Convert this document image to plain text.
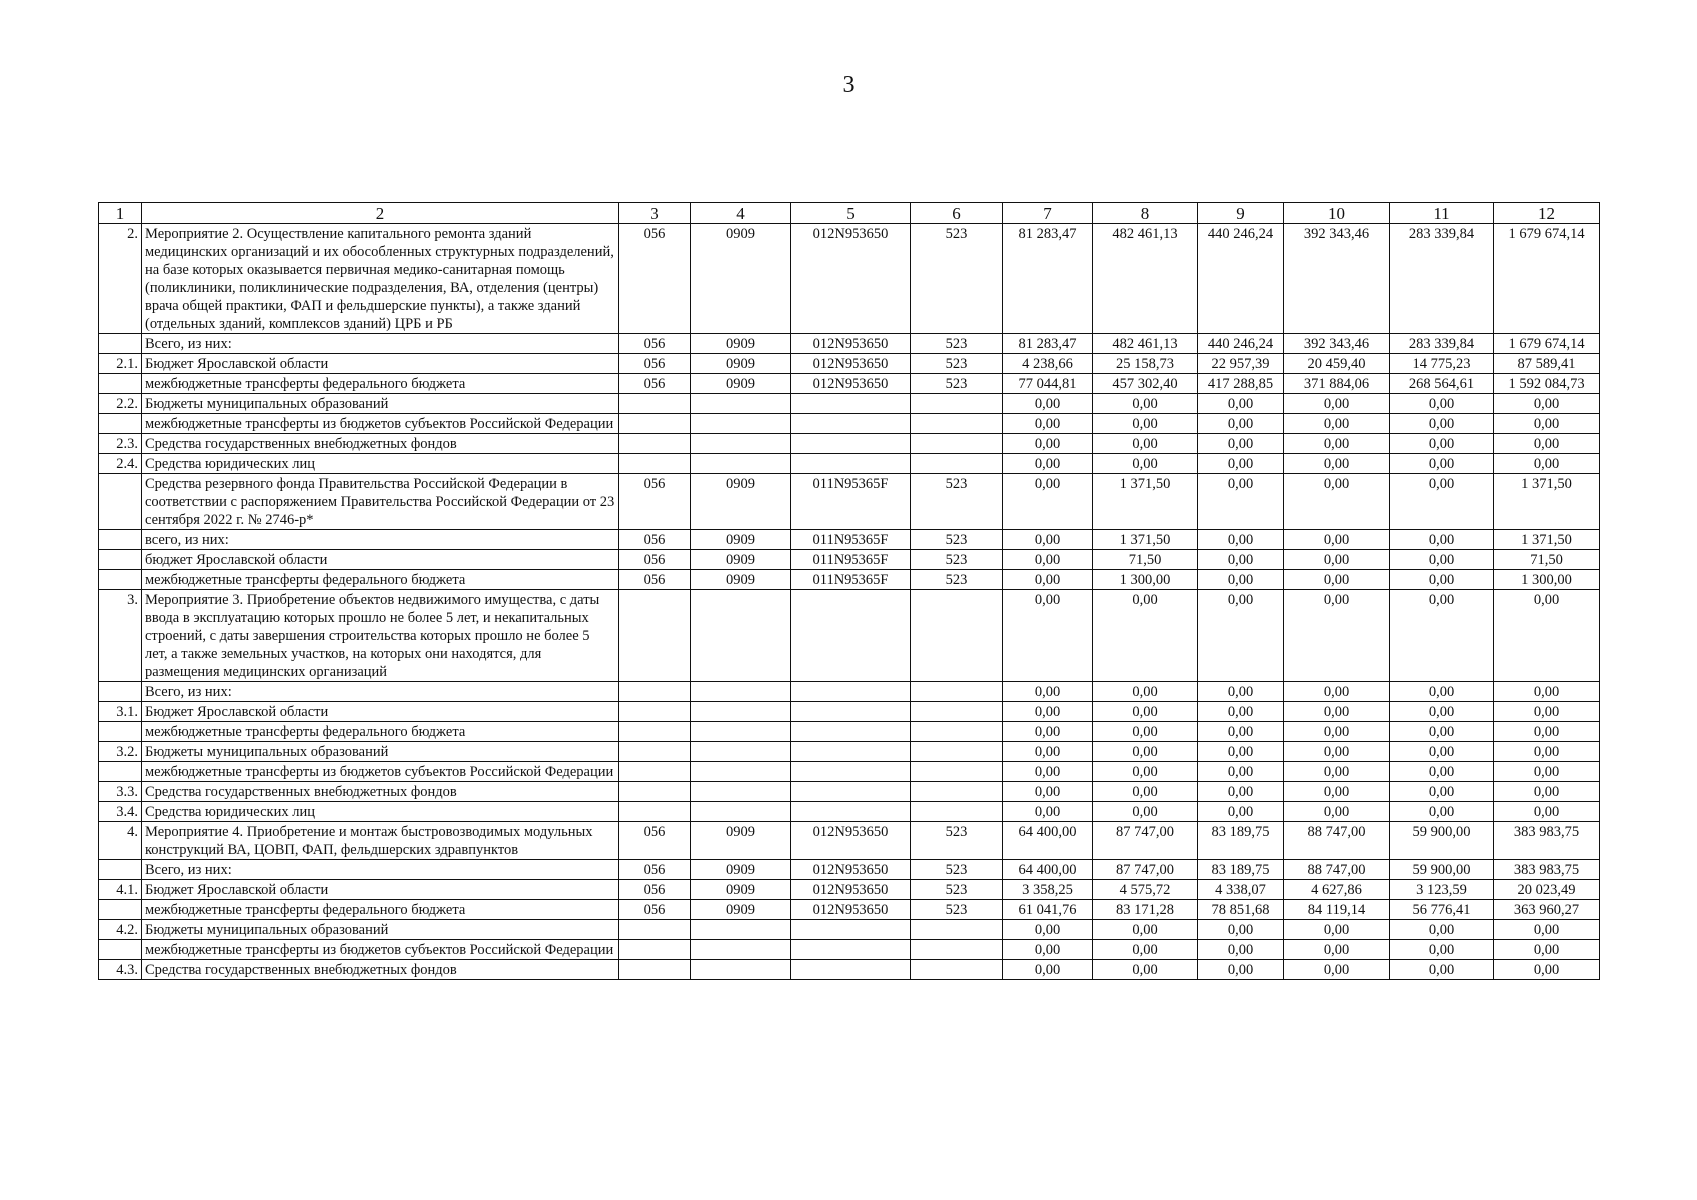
3
1	2	3	4	5	6	7	8	9	10	11	12
2.	Мероприятие 2. Осуществление капитального ремонта зданий медицинских организаций и их обособленных структурных подразделений, на базе которых оказывается первичная медико-санитарная помощь (поликлиники, поликлинические подразделения, ВА, отделения (центры) врача общей практики, ФАП и фельдшерские пункты), а также зданий (отдельных зданий, комплексов зданий) ЦРБ и РБ	056	0909	012N953650	523	81 283,47	482 461,13	440 246,24	392 343,46	283 339,84	1 679 674,14
	Всего, из них:	056	0909	012N953650	523	81 283,47	482 461,13	440 246,24	392 343,46	283 339,84	1 679 674,14
2.1.	Бюджет Ярославской области	056	0909	012N953650	523	4 238,66	25 158,73	22 957,39	20 459,40	14 775,23	87 589,41
	межбюджетные трансферты федерального бюджета	056	0909	012N953650	523	77 044,81	457 302,40	417 288,85	371 884,06	268 564,61	1 592 084,73
2.2.	Бюджеты муниципальных образований					0,00	0,00	0,00	0,00	0,00	0,00
	межбюджетные трансферты из бюджетов субъектов Российской Федерации					0,00	0,00	0,00	0,00	0,00	0,00
2.3.	Средства государственных внебюджетных фондов					0,00	0,00	0,00	0,00	0,00	0,00
2.4.	Средства юридических лиц					0,00	0,00	0,00	0,00	0,00	0,00
	Средства резервного фонда Правительства Российской Федерации в соответствии с распоряжением Правительства Российской Федерации от 23 сентября 2022 г. № 2746-р*	056	0909	011N95365F	523	0,00	1 371,50	0,00	0,00	0,00	1 371,50
	всего, из них:	056	0909	011N95365F	523	0,00	1 371,50	0,00	0,00	0,00	1 371,50
	бюджет Ярославской области	056	0909	011N95365F	523	0,00	71,50	0,00	0,00	0,00	71,50
	межбюджетные трансферты федерального бюджета	056	0909	011N95365F	523	0,00	1 300,00	0,00	0,00	0,00	1 300,00
3.	Мероприятие 3. Приобретение объектов недвижимого имущества, с даты ввода в эксплуатацию которых прошло не более 5 лет, и некапитальных строений, с даты завершения строительства которых прошло не более 5 лет, а также земельных участков, на которых они находятся, для размещения медицинских организаций					0,00	0,00	0,00	0,00	0,00	0,00
	Всего, из них:					0,00	0,00	0,00	0,00	0,00	0,00
3.1.	Бюджет Ярославской области					0,00	0,00	0,00	0,00	0,00	0,00
	межбюджетные трансферты федерального бюджета					0,00	0,00	0,00	0,00	0,00	0,00
3.2.	Бюджеты муниципальных образований					0,00	0,00	0,00	0,00	0,00	0,00
	межбюджетные трансферты из бюджетов субъектов Российской Федерации					0,00	0,00	0,00	0,00	0,00	0,00
3.3.	Средства государственных внебюджетных фондов					0,00	0,00	0,00	0,00	0,00	0,00
3.4.	Средства юридических лиц					0,00	0,00	0,00	0,00	0,00	0,00
4.	Мероприятие 4. Приобретение и монтаж быстровозводимых модульных конструкций ВА, ЦОВП, ФАП, фельдшерских здравпунктов	056	0909	012N953650	523	64 400,00	87 747,00	83 189,75	88 747,00	59 900,00	383 983,75
	Всего, из них:	056	0909	012N953650	523	64 400,00	87 747,00	83 189,75	88 747,00	59 900,00	383 983,75
4.1.	Бюджет Ярославской области	056	0909	012N953650	523	3 358,25	4 575,72	4 338,07	4 627,86	3 123,59	20 023,49
	межбюджетные трансферты федерального бюджета	056	0909	012N953650	523	61 041,76	83 171,28	78 851,68	84 119,14	56 776,41	363 960,27
4.2.	Бюджеты муниципальных образований					0,00	0,00	0,00	0,00	0,00	0,00
	межбюджетные трансферты из бюджетов субъектов Российской Федерации					0,00	0,00	0,00	0,00	0,00	0,00
4.3.	Средства государственных внебюджетных фондов					0,00	0,00	0,00	0,00	0,00	0,00
